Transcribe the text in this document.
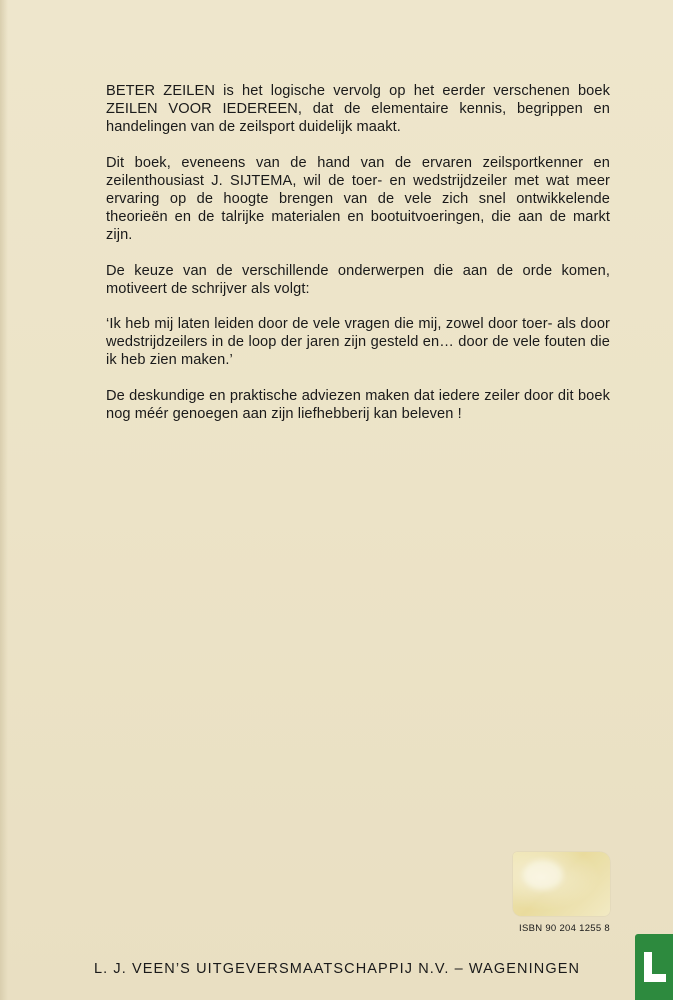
BETER ZEILEN is het logische vervolg op het eerder verschenen boek ZEILEN VOOR IEDEREEN, dat de elementaire kennis, begrippen en handelingen van de zeilsport duidelijk maakt.

Dit boek, eveneens van de hand van de ervaren zeilsportkenner en zeilenthousiast J. SIJTEMA, wil de toer- en wedstrijdzeiler met wat meer ervaring op de hoogte brengen van de vele zich snel ontwikkelende theorieën en de talrijke materialen en bootuitvoeringen, die aan de markt zijn.

De keuze van de verschillende onderwerpen die aan de orde komen, motiveert de schrijver als volgt:

‘Ik heb mij laten leiden door de vele vragen die mij, zowel door toer- als door wedstrijdzeilers in de loop der jaren zijn gesteld en… door de vele fouten die ik heb zien maken.’

De deskundige en praktische adviezen maken dat iedere zeiler door dit boek nog méér genoegen aan zijn liefhebberij kan beleven !

ISBN 90 204 1255 8
L. J. VEEN’S UITGEVERSMAATSCHAPPIJ N.V. – WAGENINGEN
